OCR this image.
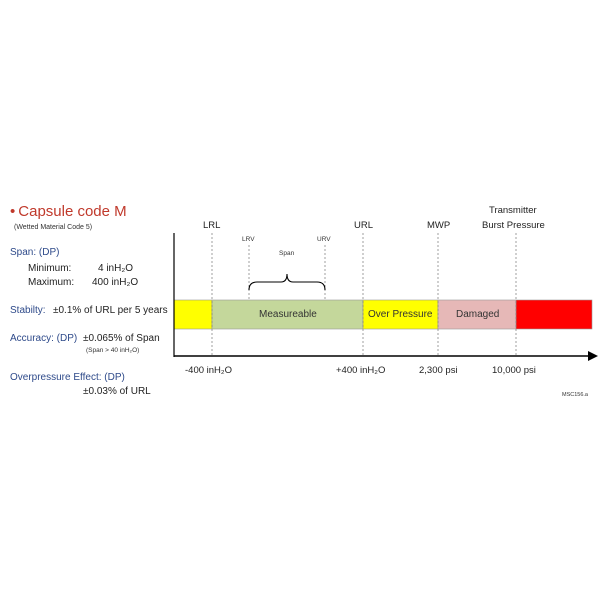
• Capsule code M
(Wetted Material Code 5)
Span: (DP)
Minimum:	4 inH₂O
Maximum: 400 inH₂O
Stabilty: ±0.1% of URL per 5 years
Accuracy: (DP) ±0.065% of Span
(Span > 40 inH₂O)
Overpressure Effect: (DP)
±0.03% of URL
LRL
LRV
Span
URV
URL	MWP
Transmitter
Burst Pressure
Measureable	Over Pressure Damaged
-400 inH₂O	+400 inH₂O	2,300 psi	10,000 psi
MSC156.a
